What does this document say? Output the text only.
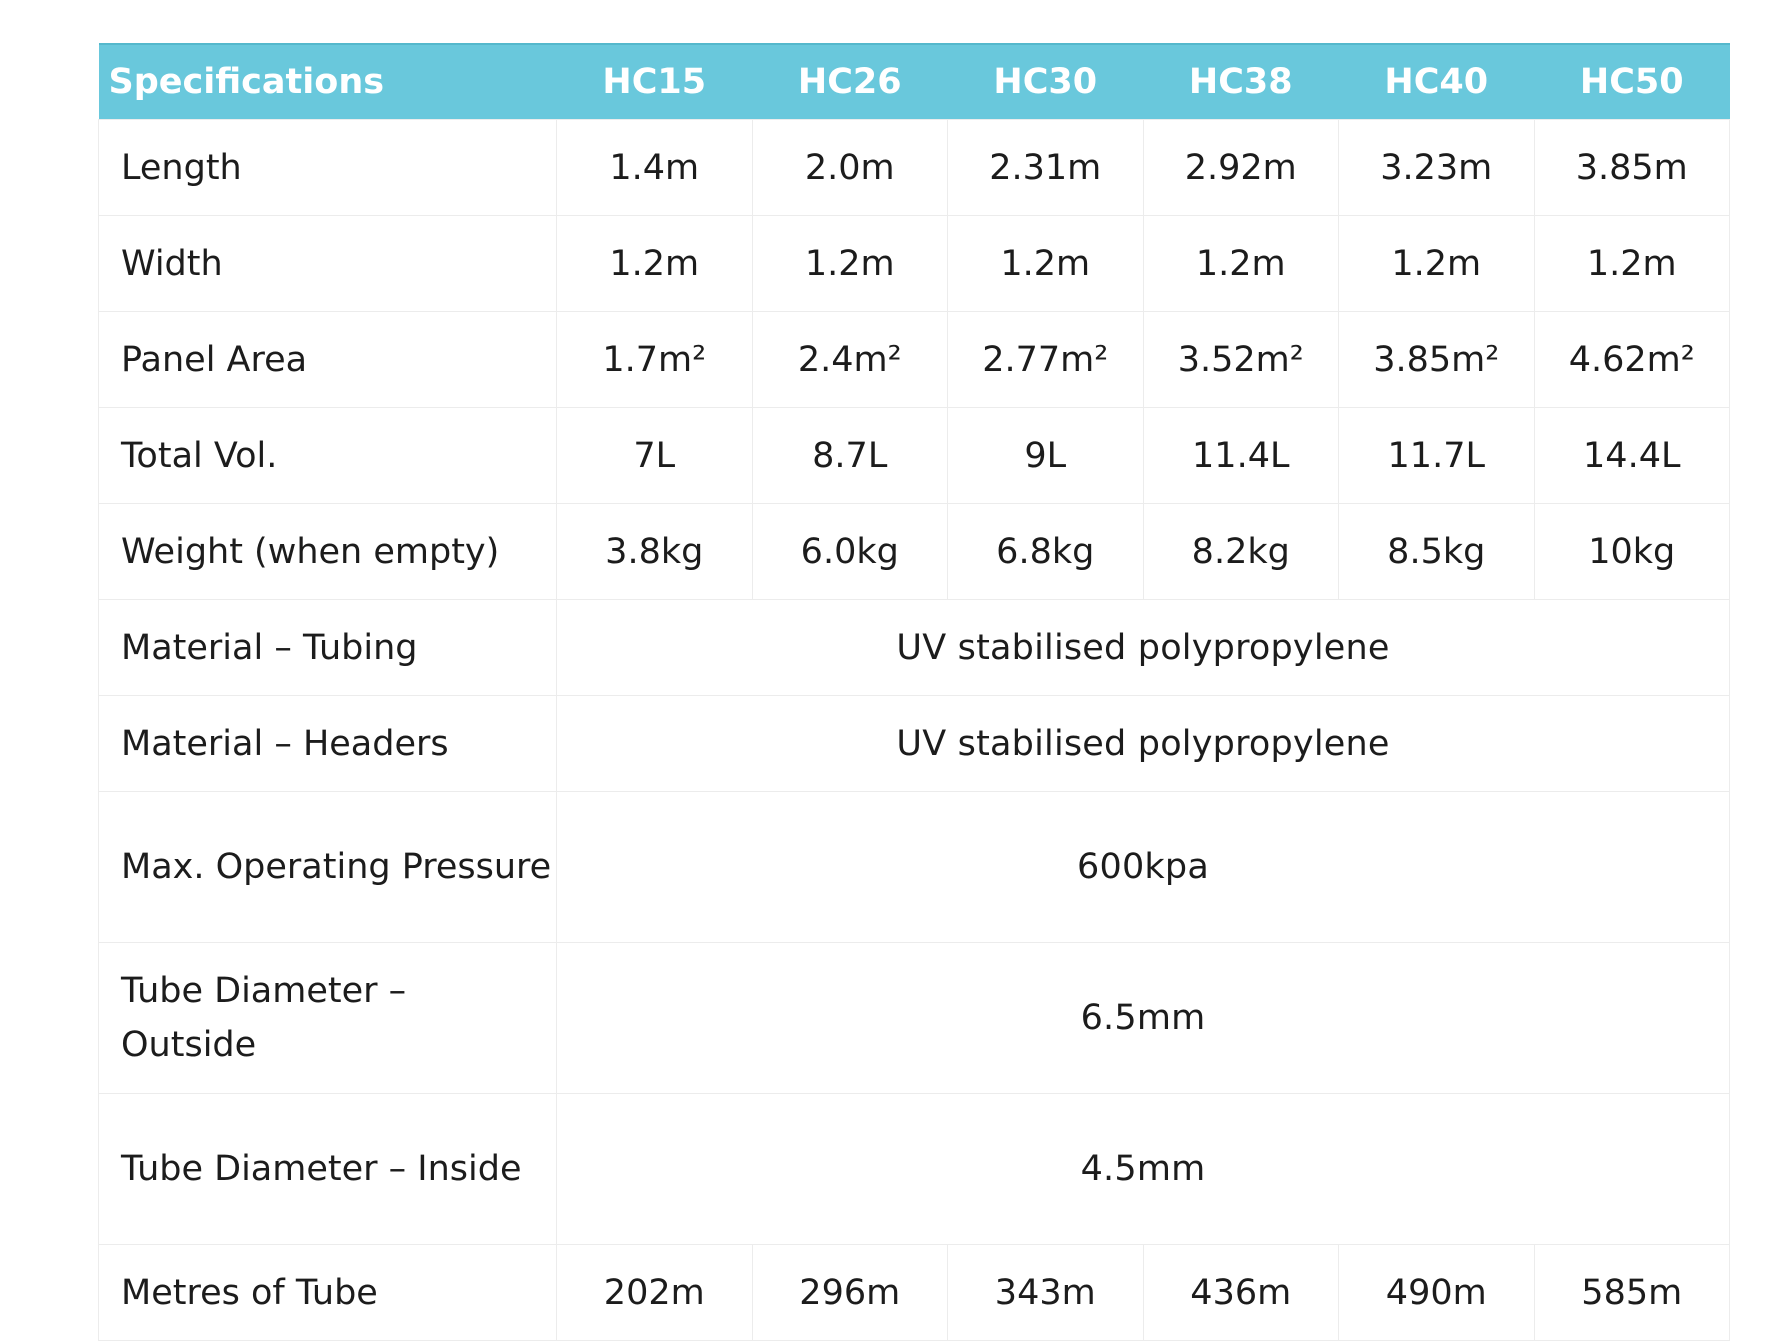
Specifications	HC15	HC26	HC30	HC38	HC40	HC50
Length	1.4m	2.0m	2.31m	2.92m	3.23m	3.85m
Width	1.2m	1.2m	1.2m	1.2m	1.2m	1.2m
Panel Area	1.7m²	2.4m²	2.77m²	3.52m²	3.85m²	4.62m²
Total Vol.	7L	8.7L	9L	11.4L	11.7L	14.4L
Weight (when empty)	3.8kg	6.0kg	6.8kg	8.2kg	8.5kg	10kg
Material – Tubing	UV stabilised polypropylene					
Material – Headers	UV stabilised polypropylene					
Max. Operating Pressure	600kpa					
Tube Diameter – Outside	6.5mm					
Tube Diameter – Inside	4.5mm					
Metres of Tube	202m	296m	343m	436m	490m	585m
